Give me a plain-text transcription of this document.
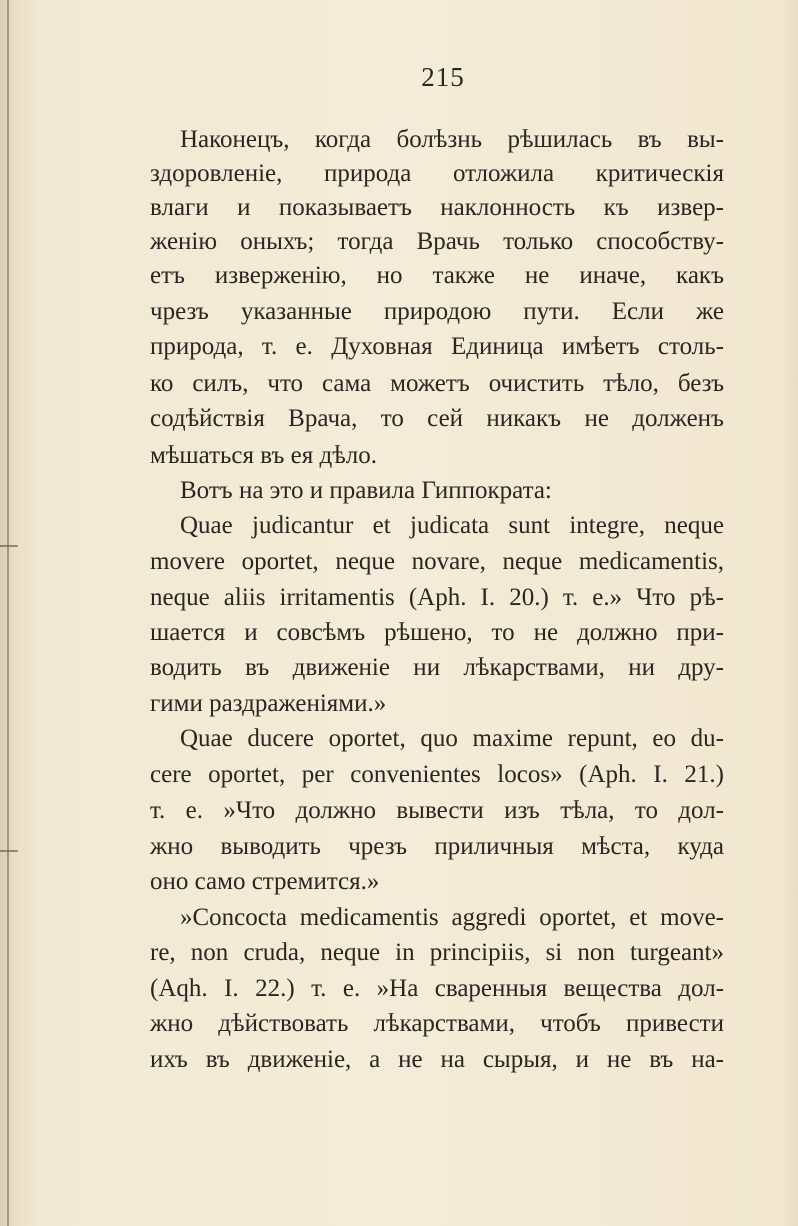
215
Наконецъ, когда болѣзнь рѣшилась въ вы-
здоровленіе, природа отложила критическія
влаги и показываетъ наклонность къ извер-
женію оныхъ; тогда Врачь только способству-
етъ изверженію, но также не иначе, какъ
чрезъ указанные природою пути. Если же
природа, т. е. Духовная Единица имѣетъ столь-
ко силъ, что сама можетъ очистить тѣло, безъ
содѣйствія Врача, то сей никакъ не долженъ
мѣшаться въ ея дѣло.
Вотъ на это и правила Гиппократа:
Quae judicantur et judicata sunt integre, neque
movere oportet, neque novare, neque medicamentis,
neque aliis irritamentis (Aph. I. 20.) т. е.» Что рѣ-
шается и совсѣмъ рѣшено, то не должно при-
водить въ движеніе ни лѣкарствами, ни дру-
гими раздраженіями.»
Quae ducere oportet, quo maxime repunt, eo du-
cere oportet, per convenientes locos» (Aph. I. 21.)
т. е. »Что должно вывести изъ тѣла, то дол-
жно выводить чрезъ приличныя мѣста, куда
оно само стремится.»
»Concocta medicamentis aggredi oportet, et move-
re, non cruda, neque in principiis, si non turgeant»
(Aqh. I. 22.) т. е. »На сваренныя вещества дол-
жно дѣйствовать лѣкарствами, чтобъ привести
ихъ въ движеніе, а не на сырыя, и не въ на-
